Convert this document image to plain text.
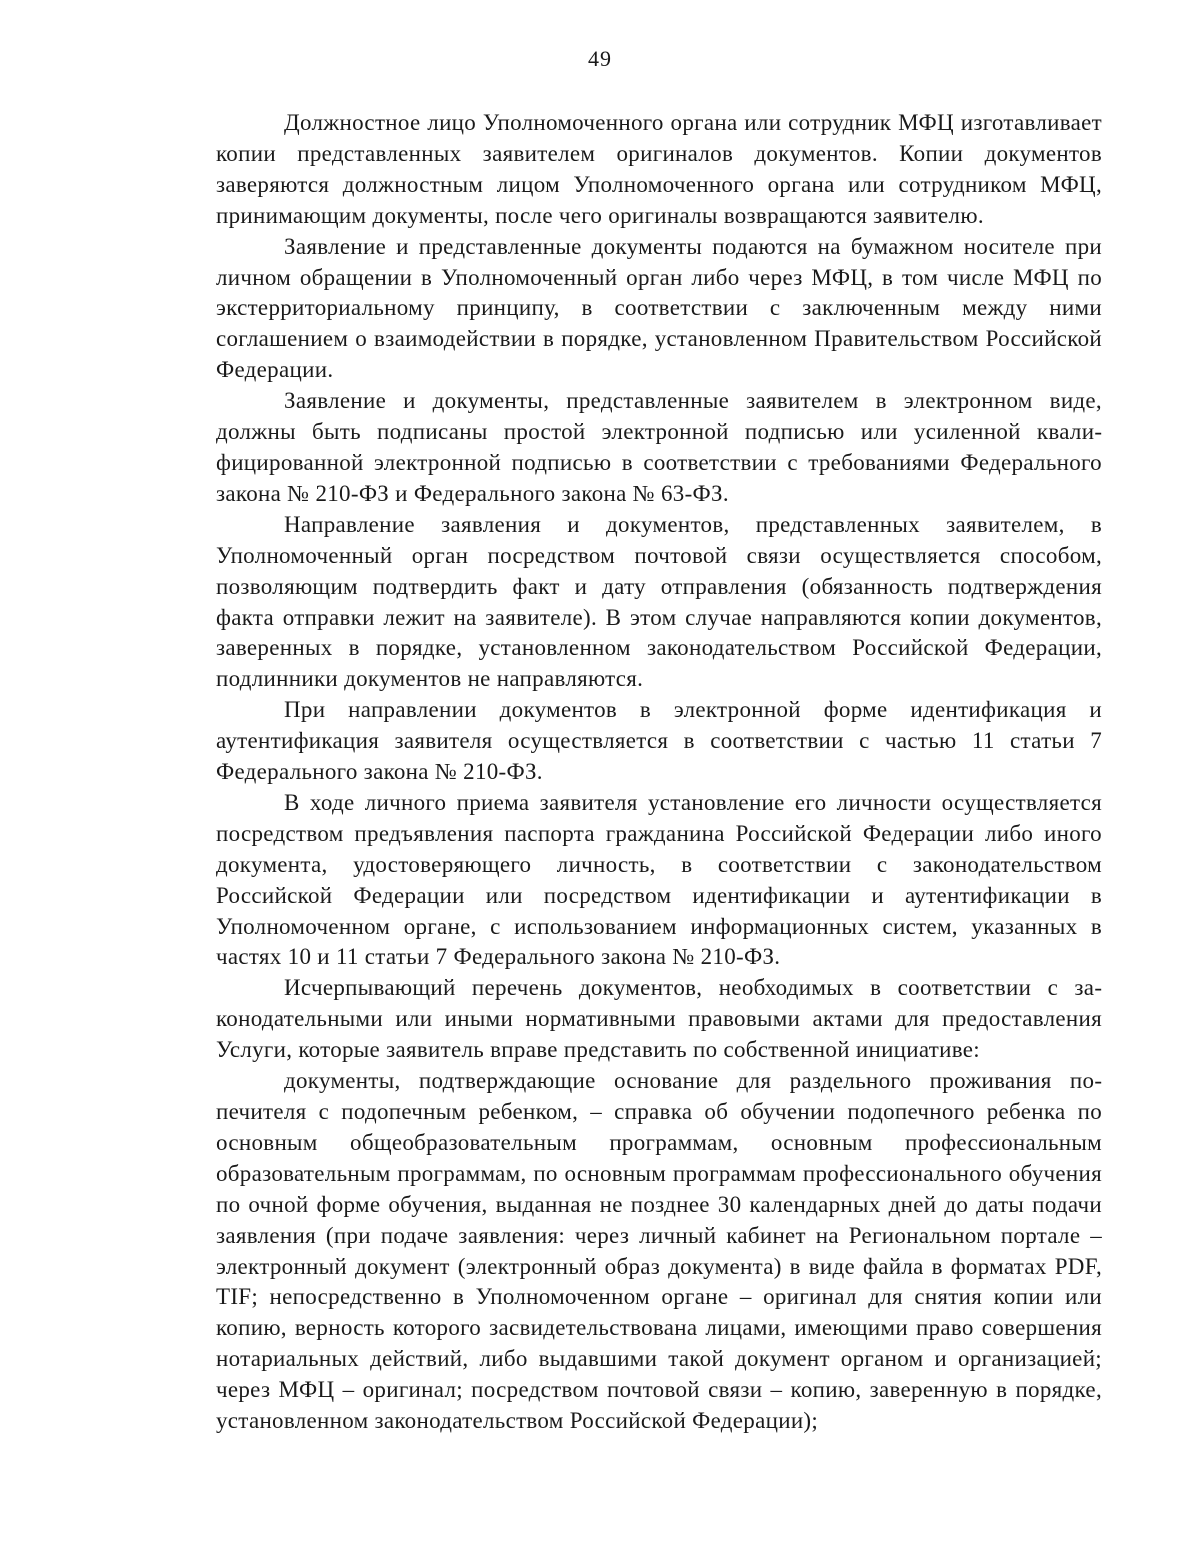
49

Должностное лицо Уполномоченного органа или сотрудник МФЦ изготавливает копии представленных заявителем оригиналов документов. Копии документов заверяются должностным лицом Уполномоченного органа или сотрудником МФЦ, принимающим документы, после чего оригиналы возвращаются заявителю.

Заявление и представленные документы подаются на бумажном носителе при личном обращении в Уполномоченный орган либо через МФЦ, в том числе МФЦ по экстерриториальному принципу, в соответствии с заключенным между ними соглашением о взаимодействии в порядке, установленном Правительством Российской Федерации.

Заявление и документы, представленные заявителем в электронном виде, должны быть подписаны простой электронной подписью или усиленной квалифицированной электронной подписью в соответствии с требованиями Федерального закона № 210-ФЗ и Федерального закона № 63-ФЗ.

Направление заявления и документов, представленных заявителем, в Уполномоченный орган посредством почтовой связи осуществляется способом, позволяющим подтвердить факт и дату отправления (обязанность подтверждения факта отправки лежит на заявителе). В этом случае направляются копии документов, заверенных в порядке, установленном законодательством Российской Федерации, подлинники документов не направляются.

При направлении документов в электронной форме идентификация и аутентификация заявителя осуществляется в соответствии с частью 11 статьи 7 Федерального закона № 210-ФЗ.

В ходе личного приема заявителя установление его личности осуществляется посредством предъявления паспорта гражданина Российской Федерации либо иного документа, удостоверяющего личность, в соответствии с законодательством Российской Федерации или посредством идентификации и аутентификации в Уполномоченном органе, с использованием информационных систем, указанных в частях 10 и 11 статьи 7 Федерального закона № 210-ФЗ.

Исчерпывающий перечень документов, необходимых в соответствии с законодательными или иными нормативными правовыми актами для предоставления Услуги, которые заявитель вправе представить по собственной инициативе:

документы, подтверждающие основание для раздельного проживания попечителя с подопечным ребенком, – справка об обучении подопечного ребенка по основным общеобразовательным программам, основным профессиональным образовательным программам, по основным программам профессионального обучения по очной форме обучения, выданная не позднее 30 календарных дней до даты подачи заявления (при подаче заявления: через личный кабинет на Региональном портале – электронный документ (электронный образ документа) в виде файла в форматах PDF, TIF; непосредственно в Уполномоченном органе – оригинал для снятия копии или копию, верность которого засвидетельствована лицами, имеющими право совершения нотариальных действий, либо выдавшими такой документ органом и организацией; через МФЦ – оригинал; посредством почтовой связи – копию, заверенную в порядке, установленном законодательством Российской Федерации);
